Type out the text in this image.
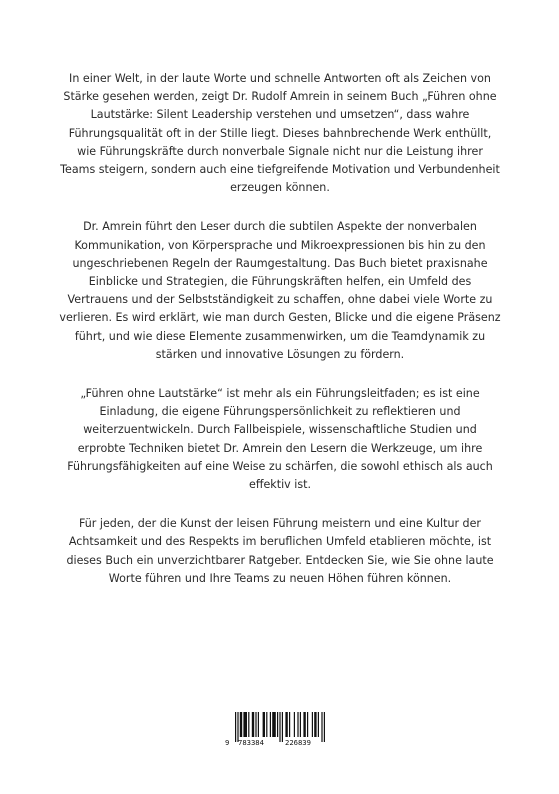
In einer Welt, in der laute Worte und schnelle Antworten oft als Zeichen von Stärke gesehen werden, zeigt Dr. Rudolf Amrein in seinem Buch „Führen ohne Lautstärke: Silent Leadership verstehen und umsetzen“, dass wahre Führungsqualität oft in der Stille liegt. Dieses bahnbrechende Werk enthüllt, wie Führungskräfte durch nonverbale Signale nicht nur die Leistung ihrer Teams steigern, sondern auch eine tiefgreifende Motivation und Verbundenheit erzeugen können.

Dr. Amrein führt den Leser durch die subtilen Aspekte der nonverbalen Kommunikation, von Körpersprache und Mikroexpressionen bis hin zu den ungeschriebenen Regeln der Raumgestaltung. Das Buch bietet praxisnahe Einblicke und Strategien, die Führungskräften helfen, ein Umfeld des Vertrauens und der Selbstständigkeit zu schaffen, ohne dabei viele Worte zu verlieren. Es wird erklärt, wie man durch Gesten, Blicke und die eigene Präsenz führt, und wie diese Elemente zusammenwirken, um die Teamdynamik zu stärken und innovative Lösungen zu fördern.

„Führen ohne Lautstärke“ ist mehr als ein Führungsleitfaden; es ist eine Einladung, die eigene Führungspersönlichkeit zu reflektieren und weiterzuentwickeln. Durch Fallbeispiele, wissenschaftliche Studien und erprobte Techniken bietet Dr. Amrein den Lesern die Werkzeuge, um ihre Führungsfähigkeiten auf eine Weise zu schärfen, die sowohl ethisch als auch effektiv ist.

Für jeden, der die Kunst der leisen Führung meistern und eine Kultur der Achtsamkeit und des Respekts im beruflichen Umfeld etablieren möchte, ist dieses Buch ein unverzichtbarer Ratgeber. Entdecken Sie, wie Sie ohne laute Worte führen und Ihre Teams zu neuen Höhen führen können.

9 783384	226839
